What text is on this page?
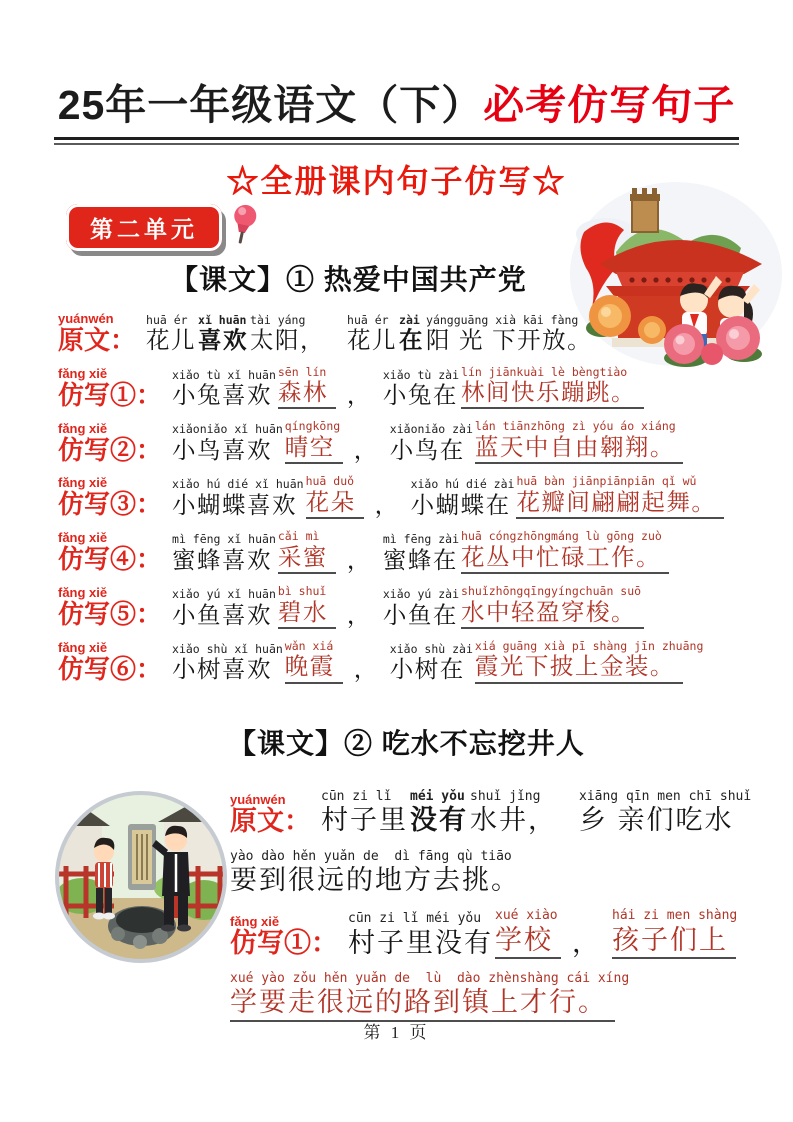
25年一年级语文（下）必考仿写句子
☆全册课内句子仿写☆
第二单元
【课文】① 热爱中国共产党
yuánwén
原文：
huā ér
花儿
xǐ huān
喜欢
tài yáng
太阳，
huā ér
花儿
zài
在
yángguāng xià kāi fàng
阳 光 下开放。
fǎng xiě
仿写①：
xiǎo tù xǐ huān
小兔喜欢
sēn lín
森林 ，
xiǎo tù zài
小兔在
lín jiānkuài lè bèngtiào
林间快乐蹦跳。
fǎng xiě
仿写②：
xiǎoniǎo xǐ huān
小鸟喜欢
qíngkōng
晴空 ，
xiǎoniǎo zài
小鸟在
lán tiānzhōng zì yóu áo xiáng
蓝天中自由翱翔。
fǎng xiě
仿写③：
xiǎo hú dié xǐ huān
小蝴蝶喜欢
huā duǒ
花朵 ，
xiǎo hú dié zài
小蝴蝶在
huā bàn jiānpiānpiān qǐ wǔ
花瓣间翩翩起舞。
fǎng xiě
仿写④：
mì fēng xǐ huān
蜜蜂喜欢
cǎi mì
采蜜 ，
mì fēng zài
蜜蜂在
huā cóngzhōngmáng lù gōng zuò
花丛中忙碌工作。
fǎng xiě
仿写⑤：
xiǎo yú xǐ huān
小鱼喜欢
bì shuǐ
碧水 ，
xiǎo yú zài
小鱼在
shuǐzhōngqīngyíngchuān suō
水中轻盈穿梭。
fǎng xiě
仿写⑥：
xiǎo shù xǐ huān
小树喜欢
wǎn xiá
晚霞 ，
xiǎo shù zài
小树在
xiá guāng xià pī shàng jīn zhuāng
霞光下披上金装。
【课文】② 吃水不忘挖井人
yuánwén
原文：
cūn zi lǐ
村子里
méi yǒu
没有
shuǐ jǐng
水井，
xiāng qīn men chī shuǐ
乡 亲们吃水
yào dào hěn yuǎn de  dì fāng qù tiāo
要到很远的地方去挑。
fǎng xiě
仿写①：
cūn zi lǐ méi yǒu
村子里没有
xué xiào
学校 ，
hái zi men shàng
孩子们上
xué yào zǒu hěn yuǎn de  lù  dào zhènshàng cái xíng
学要走很远的路到镇上才行。
第 1 页
